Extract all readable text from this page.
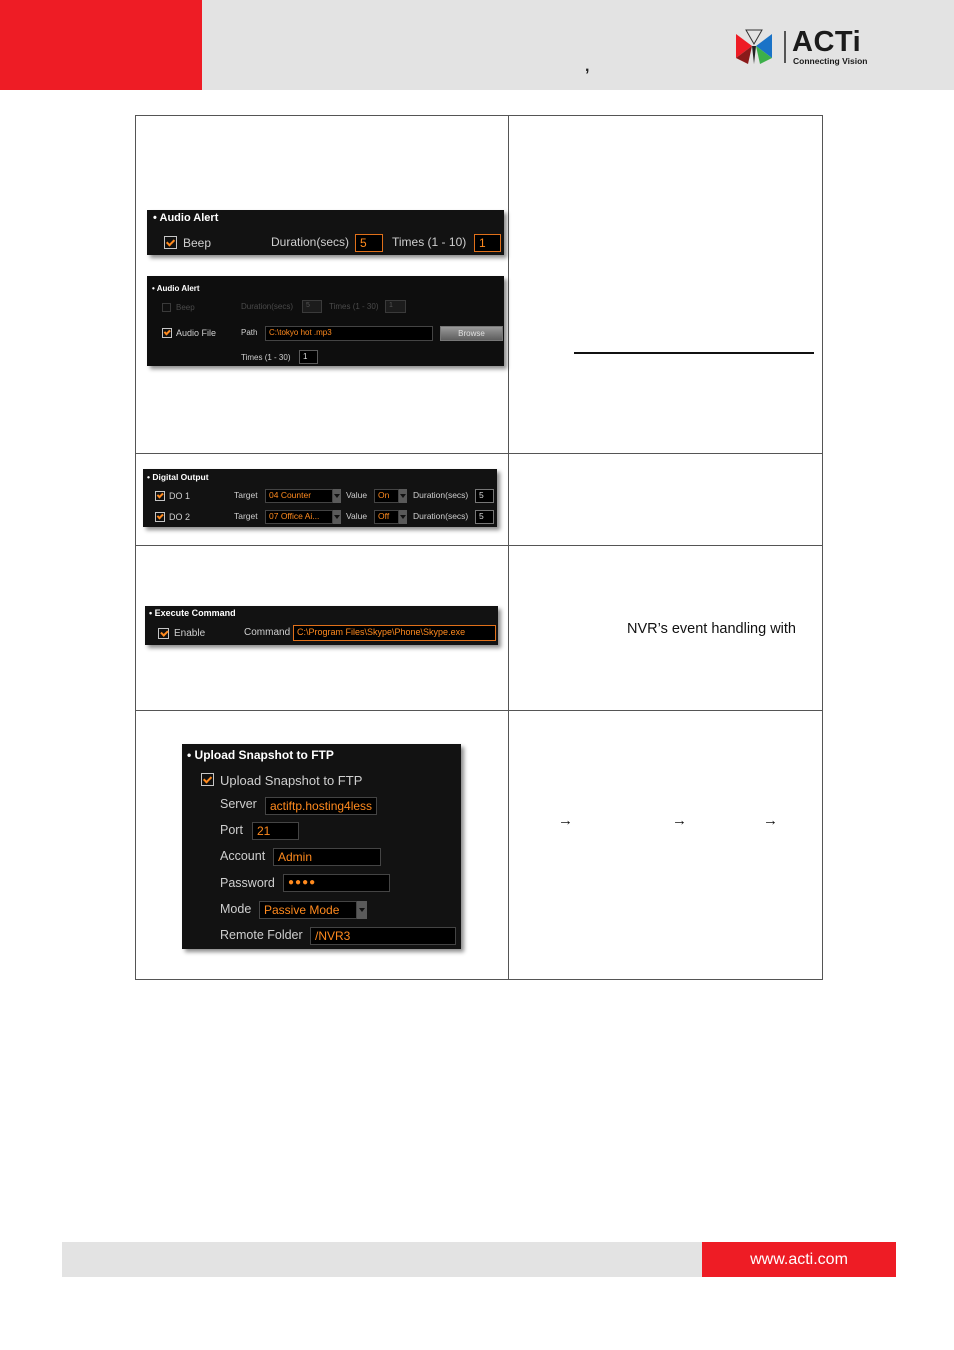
,
ACTi
Connecting Vision
• Audio Alert
Beep	Duration(secs) 5	Times (1 - 10)	1
• Audio Alert
Beep	Duration(secs)	5	Times (1 - 30)	1
Audio File	Path	C:\tokyo hot .mp3	Browse
Times (1 - 30)	1
• Digital Output
DO 1	Target	04 Counter	Value	On	Duration(secs)	5
DO 2	Target	07 Office Ai...	Value	Off	Duration(secs)	5
• Execute Command
Enable	Command C:\Program Files\Skype\Phone\Skype.exe	NVR’s event handling with
• Upload Snapshot to FTP
Upload Snapshot to FTP
Server	actiftp.hosting4less
Port	21
Account	Admin
Password	●●●●
Mode	Passive Mode
Remote Folder	/NVR3
→	→	→
www.acti.com
